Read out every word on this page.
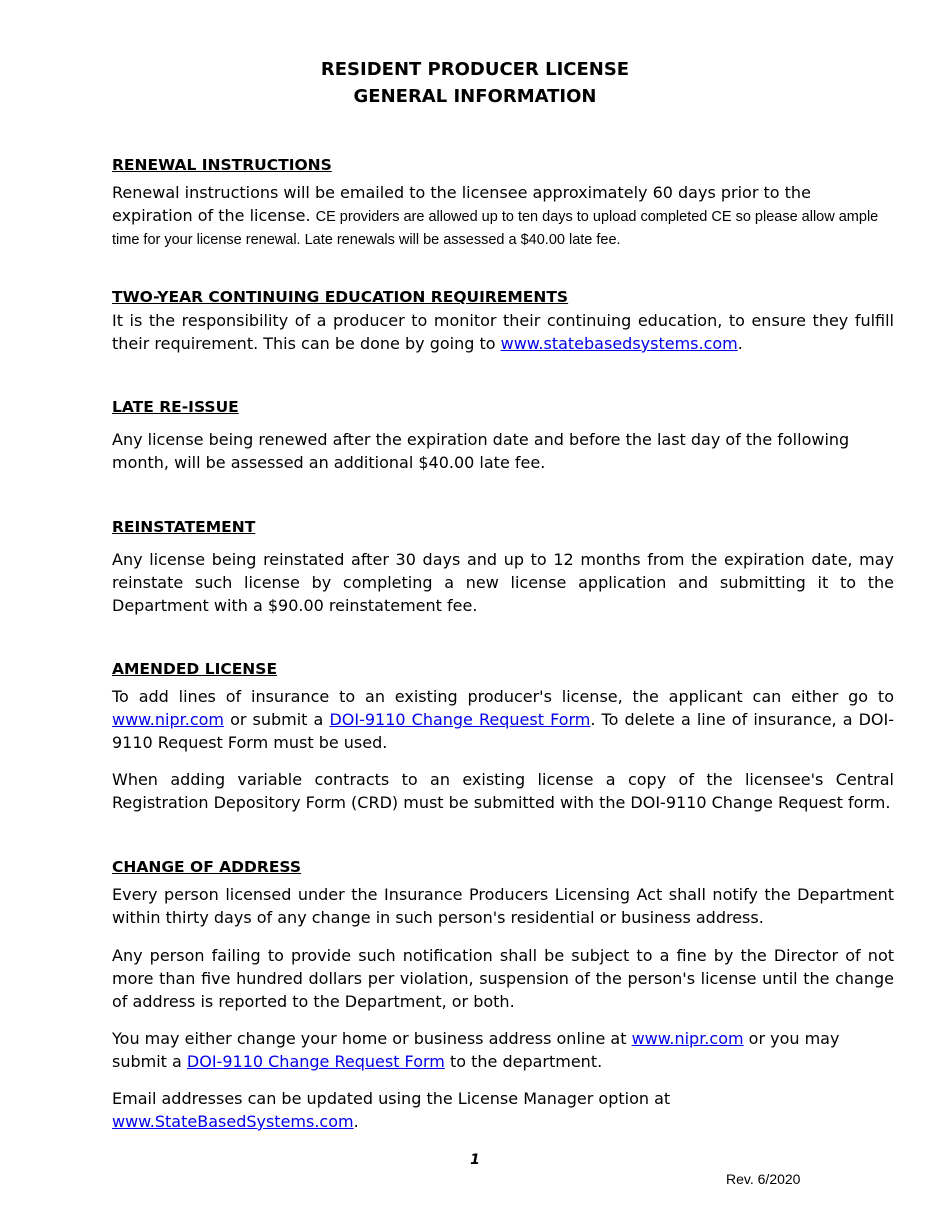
RESIDENT PRODUCER LICENSE
GENERAL INFORMATION
RENEWAL INSTRUCTIONS
Renewal instructions will be emailed to the licensee approximately 60 days prior to the expiration of the license. CE providers are allowed up to ten days to upload completed CE so please allow ample time for your license renewal. Late renewals will be assessed a $40.00 late fee.
TWO-YEAR CONTINUING EDUCATION REQUIREMENTS
It is the responsibility of a producer to monitor their continuing education, to ensure they fulfill their requirement. This can be done by going to www.statebasedsystems.com.
LATE RE-ISSUE
Any license being renewed after the expiration date and before the last day of the following month, will be assessed an additional $40.00 late fee.
REINSTATEMENT
Any license being reinstated after 30 days and up to 12 months from the expiration date, may reinstate such license by completing a new license application and submitting it to the Department with a $90.00 reinstatement fee.
AMENDED LICENSE
To add lines of insurance to an existing producer's license, the applicant can either go to www.nipr.com or submit a DOI-9110 Change Request Form. To delete a line of insurance, a DOI-9110 Request Form must be used.
When adding variable contracts to an existing license a copy of the licensee's Central Registration Depository Form (CRD) must be submitted with the DOI-9110 Change Request form.
CHANGE OF ADDRESS
Every person licensed under the Insurance Producers Licensing Act shall notify the Department within thirty days of any change in such person's residential or business address.
Any person failing to provide such notification shall be subject to a fine by the Director of not more than five hundred dollars per violation, suspension of the person's license until the change of address is reported to the Department, or both.
You may either change your home or business address online at www.nipr.com or you may submit a DOI-9110 Change Request Form to the department.
Email addresses can be updated using the License Manager option at www.StateBasedSystems.com.
1
Rev. 6/2020
